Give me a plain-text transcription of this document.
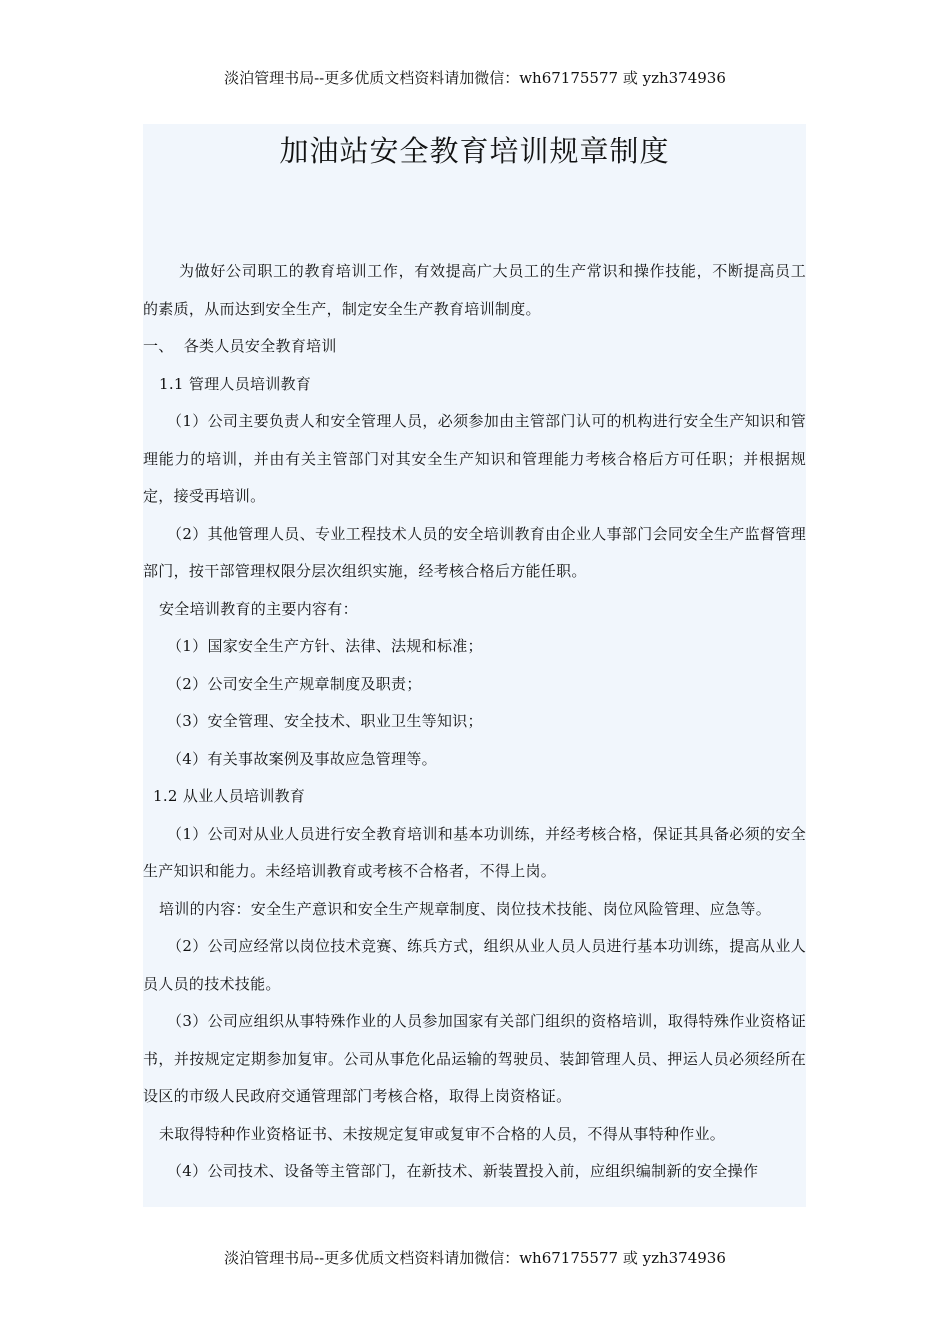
淡泊管理书局--更多优质文档资料请加微信：wh67175577 或 yzh374936
加油站安全教育培训规章制度

为做好公司职工的教育培训工作，有效提高广大员工的生产常识和操作技能，不断提高员工的素质，从而达到安全生产，制定安全生产教育培训制度。

一、  各类人员安全教育培训

1.1 管理人员培训教育

（1）公司主要负责人和安全管理人员，必须参加由主管部门认可的机构进行安全生产知识和管理能力的培训，并由有关主管部门对其安全生产知识和管理能力考核合格后方可任职；并根据规定，接受再培训。

（2）其他管理人员、专业工程技术人员的安全培训教育由企业人事部门会同安全生产监督管理部门，按干部管理权限分层次组织实施，经考核合格后方能任职。

安全培训教育的主要内容有：

（1）国家安全生产方针、法律、法规和标准；

（2）公司安全生产规章制度及职责；

（3）安全管理、安全技术、职业卫生等知识；

（4）有关事故案例及事故应急管理等。

1.2 从业人员培训教育

（1）公司对从业人员进行安全教育培训和基本功训练，并经考核合格，保证其具备必须的安全生产知识和能力。未经培训教育或考核不合格者，不得上岗。

培训的内容：安全生产意识和安全生产规章制度、岗位技术技能、岗位风险管理、应急等。

（2）公司应经常以岗位技术竞赛、练兵方式，组织从业人员人员进行基本功训练，提高从业人员人员的技术技能。

（3）公司应组织从事特殊作业的人员参加国家有关部门组织的资格培训，取得特殊作业资格证书，并按规定定期参加复审。公司从事危化品运输的驾驶员、装卸管理人员、押运人员必须经所在设区的市级人民政府交通管理部门考核合格，取得上岗资格证。

未取得特种作业资格证书、未按规定复审或复审不合格的人员，不得从事特种作业。

（4）公司技术、设备等主管部门，在新技术、新装置投入前，应组织编制新的安全操作

淡泊管理书局--更多优质文档资料请加微信：wh67175577 或 yzh374936
